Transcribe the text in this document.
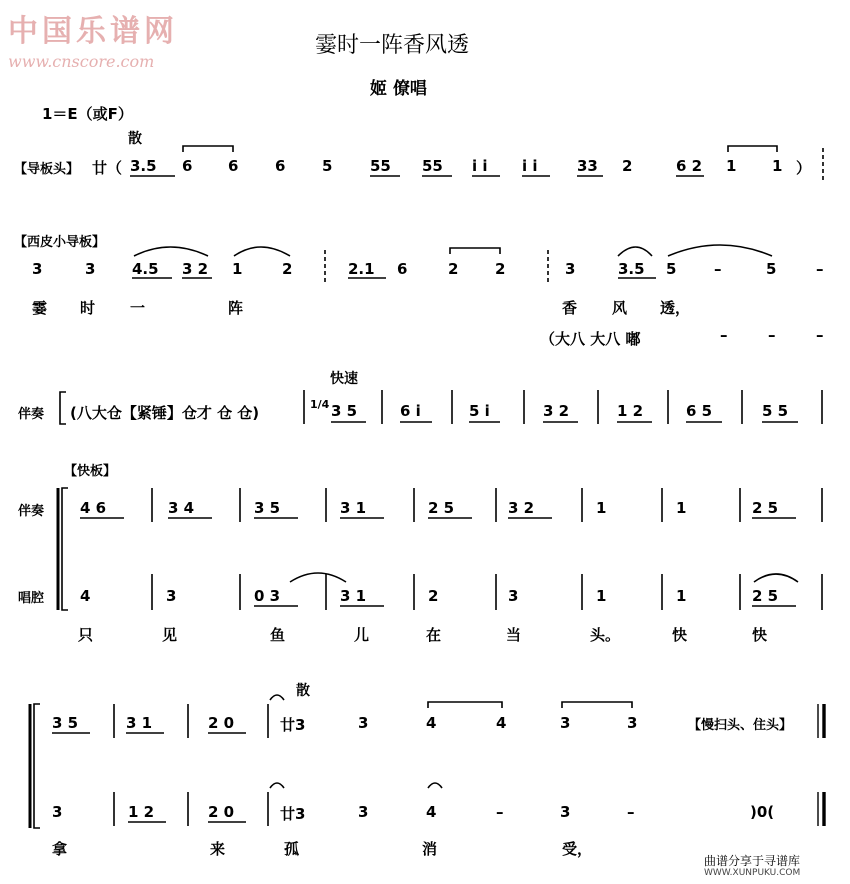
中国乐谱网
www.cnscore.com
霎时一阵香风透
姬 僚唱
1＝E（或F）
散
快速
散
【导板头】 廿（ 3.5 6 6 6 5	55 55 i i i i	33 2	6 2 1 1 ）
【西皮小导板】
3	3 4.5 3 2 1	2	2.1 6	2 2	3	3.5 5	–	5	–
霎 时 一	阵	香 风 透，
（大八 大八 嘟	–	–	–
伴奏 (八大仓【紧锤】仓才 仓 仓)	1/4 3 5	6 i	5 i	3 2	1 2	6 5	5 5
【快板】
伴奏
唱腔
4 6	3 4	3 5	3 1	2 5	3 2	1	1	2 5
4	3	0 3	3 1	2	3	1	1	2 5
只	见	鱼	儿	在	当	头。	快	快
3 5	3 1	2 0	廿3	3	4	4	3	3	【慢扫头、住头】
3	1 2	2 0	廿3	3	4	–	3	–	)0(
拿	来	孤	消	受，
曲谱分享于寻谱库
WWW.XUNPUKU.COM
